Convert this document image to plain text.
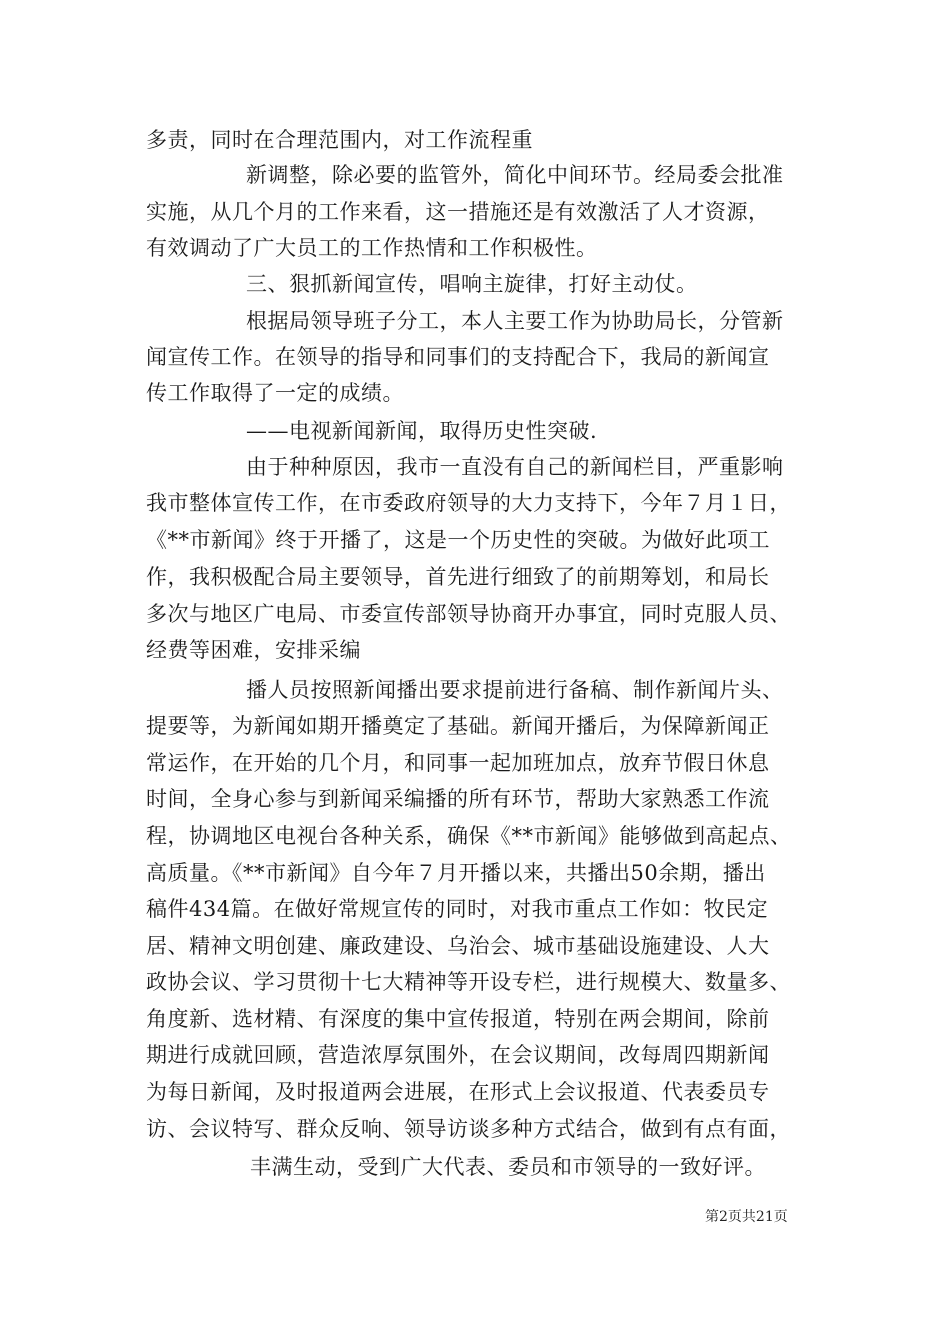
多责，同时在合理范围内，对工作流程重
新调整，除必要的监管外，简化中间环节。经局委会批准
实施，从几个月的工作来看，这一措施还是有效激活了人才资源，
有效调动了广大员工的工作热情和工作积极性。
三、狠抓新闻宣传，唱响主旋律，打好主动仗。
根据局领导班子分工，本人主要工作为协助局长，分管新
闻宣传工作。在领导的指导和同事们的支持配合下，我局的新闻宣
传工作取得了一定的成绩。
——电视新闻新闻，取得历史性突破.
由于种种原因，我市一直没有自己的新闻栏目，严重影响
我市整体宣传工作，在市委政府领导的大力支持下，今年７月１日，
《**市新闻》终于开播了，这是一个历史性的突破。为做好此项工
作，我积极配合局主要领导，首先进行细致了的前期筹划，和局长
多次与地区广电局、市委宣传部领导协商开办事宜，同时克服人员、
经费等困难，安排采编
播人员按照新闻播出要求提前进行备稿、制作新闻片头、
提要等，为新闻如期开播奠定了基础。新闻开播后，为保障新闻正
常运作，在开始的几个月，和同事一起加班加点，放弃节假日休息
时间，全身心参与到新闻采编播的所有环节，帮助大家熟悉工作流
程，协调地区电视台各种关系，确保《**市新闻》能够做到高起点、
高质量。《**市新闻》自今年７月开播以来，共播出50余期，播出
稿件434篇。在做好常规宣传的同时，对我市重点工作如：牧民定
居、精神文明创建、廉政建设、乌治会、城市基础设施建设、人大
政协会议、学习贯彻十七大精神等开设专栏，进行规模大、数量多、
角度新、选材精、有深度的集中宣传报道，特别在两会期间，除前
期进行成就回顾，营造浓厚氛围外，在会议期间，改每周四期新闻
为每日新闻，及时报道两会进展，在形式上会议报道、代表委员专
访、会议特写、群众反响、领导访谈多种方式结合，做到有点有面，
丰满生动，受到广大代表、委员和市领导的一致好评。
第2页共21页
